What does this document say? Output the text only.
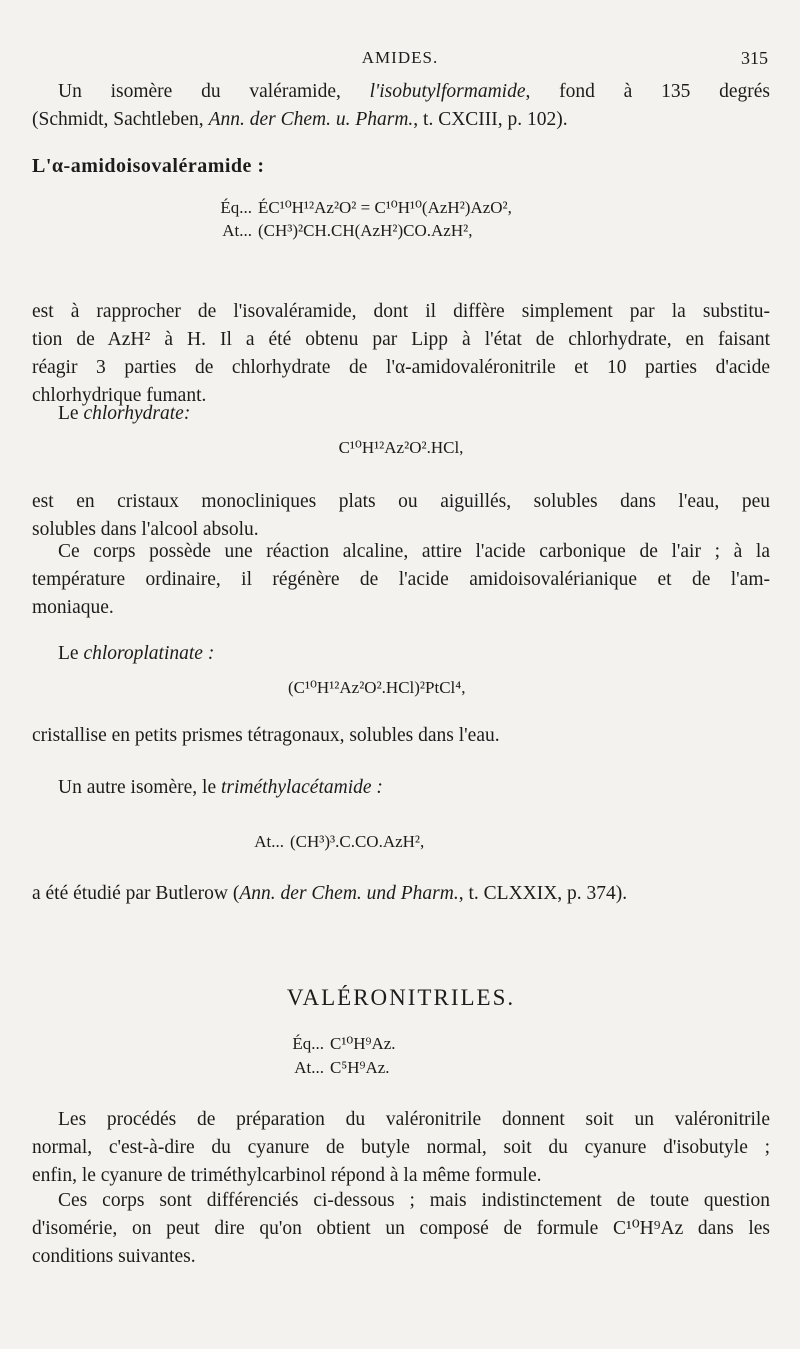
AMIDES.	315
Un isomère du valéramide, l'isobutylformamide, fond à 135 degrés
(Schmidt, Sachtleben, Ann. der Chem. u. Pharm., t. CXCIII, p. 102).
L'α-amidoisovaléramide :
Éq... ÉC¹⁰H¹²Az²O² = C¹⁰H¹⁰(AzH²)AzO²,
At... (CH³)²CH.CH(AzH²)CO.AzH²,
est à rapprocher de l'isovaléramide, dont il diffère simplement par la substitu-
tion de AzH² à H. Il a été obtenu par Lipp à l'état de chlorhydrate, en faisant
réagir 3 parties de chlorhydrate de l'α-amidovaléronitrile et 10 parties d'acide
chlorhydrique fumant.
Le chlorhydrate:
C¹⁰H¹²Az²O².HCl,
est en cristaux monocliniques plats ou aiguillés, solubles dans l'eau, peu
solubles dans l'alcool absolu.
Ce corps possède une réaction alcaline, attire l'acide carbonique de l'air ; à la
température ordinaire, il régénère de l'acide amidoisovalérianique et de l'am-
moniaque.
Le chloroplatinate :
(C¹⁰H¹²Az²O².HCl)²PtCl⁴,
cristallise en petits prismes tétragonaux, solubles dans l'eau.
Un autre isomère, le triméthylacétamide :
At... (CH³)³.C.CO.AzH²,
a été étudié par Butlerow (Ann. der Chem. und Pharm., t. CLXXIX, p. 374).
VALÉRONITRILES.
Éq... C¹⁰H⁹Az.
At... C⁵H⁹Az.
Les procédés de préparation du valéronitrile donnent soit un valéronitrile
normal, c'est-à-dire du cyanure de butyle normal, soit du cyanure d'isobutyle ;
enfin, le cyanure de triméthylcarbinol répond à la même formule.
Ces corps sont différenciés ci-dessous ; mais indistinctement de toute question
d'isomérie, on peut dire qu'on obtient un composé de formule C¹⁰H⁹Az dans les
conditions suivantes.
